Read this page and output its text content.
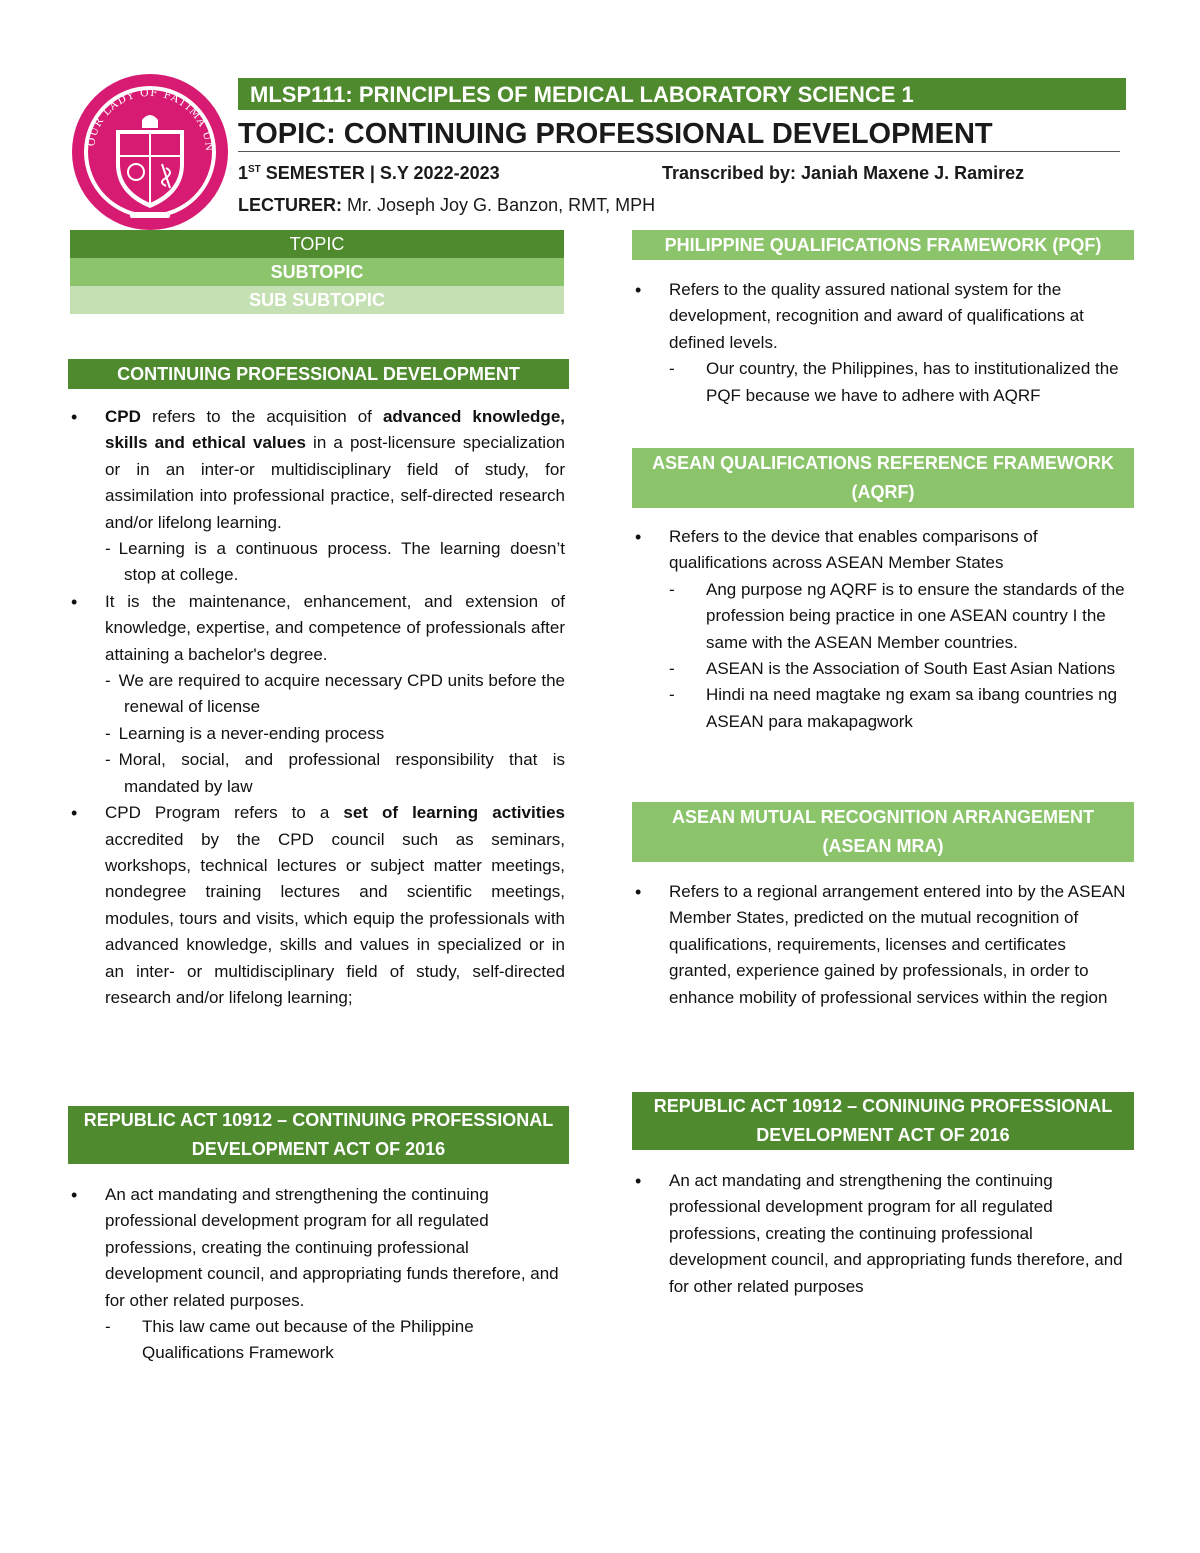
OUR LADY OF FATIMA UN
MLSP111: PRINCIPLES OF MEDICAL LABORATORY SCIENCE 1
TOPIC: CONTINUING PROFESSIONAL DEVELOPMENT
1ST SEMESTER | S.Y 2022-2023	Transcribed by: Janiah Maxene J. Ramirez
LECTURER: Mr. Joseph Joy G. Banzon, RMT, MPH
TOPIC
SUBTOPIC
SUB SUBTOPIC
CONTINUING PROFESSIONAL DEVELOPMENT
• CPD refers to the acquisition of advanced knowledge, skills and ethical values in a post-licensure specialization or in an inter-or multidisciplinary field of study, for assimilation into professional practice, self-directed research and/or lifelong learning.
- Learning is a continuous process. The learning doesn’t stop at college.
• It is the maintenance, enhancement, and extension of knowledge, expertise, and competence of professionals after attaining a bachelor's degree.
- We are required to acquire necessary CPD units before the renewal of license
- Learning is a never-ending process
- Moral, social, and professional responsibility that is mandated by law
• CPD Program refers to a set of learning activities accredited by the CPD council such as seminars, workshops, technical lectures or subject matter meetings, nondegree training lectures and scientific meetings, modules, tours and visits, which equip the professionals with advanced knowledge, skills and values in specialized or in an inter- or multidisciplinary field of study, self-directed research and/or lifelong learning;
REPUBLIC ACT 10912 – CONTINUING PROFESSIONAL DEVELOPMENT ACT OF 2016
• An act mandating and strengthening the continuing professional development program for all regulated professions, creating the continuing professional development council, and appropriating funds therefore, and for other related purposes.
- This law came out because of the Philippine Qualifications Framework
PHILIPPINE QUALIFICATIONS FRAMEWORK (PQF)
• Refers to the quality assured national system for the development, recognition and award of qualifications at defined levels.
- Our country, the Philippines, has to institutionalized the PQF because we have to adhere with AQRF
ASEAN QUALIFICATIONS REFERENCE FRAMEWORK (AQRF)
• Refers to the device that enables comparisons of qualifications across ASEAN Member States
- Ang purpose ng AQRF is to ensure the standards of the profession being practice in one ASEAN country I the same with the ASEAN Member countries.
- ASEAN is the Association of South East Asian Nations
- Hindi na need magtake ng exam sa ibang countries ng ASEAN para makapagwork
ASEAN MUTUAL RECOGNITION ARRANGEMENT (ASEAN MRA)
• Refers to a regional arrangement entered into by the ASEAN Member States, predicted on the mutual recognition of qualifications, requirements, licenses and certificates granted, experience gained by professionals, in order to enhance mobility of professional services within the region
REPUBLIC ACT 10912 – CONINUING PROFESSIONAL DEVELOPMENT ACT OF 2016
• An act mandating and strengthening the continuing professional development program for all regulated professions, creating the continuing professional development council, and appropriating funds therefore, and for other related purposes
